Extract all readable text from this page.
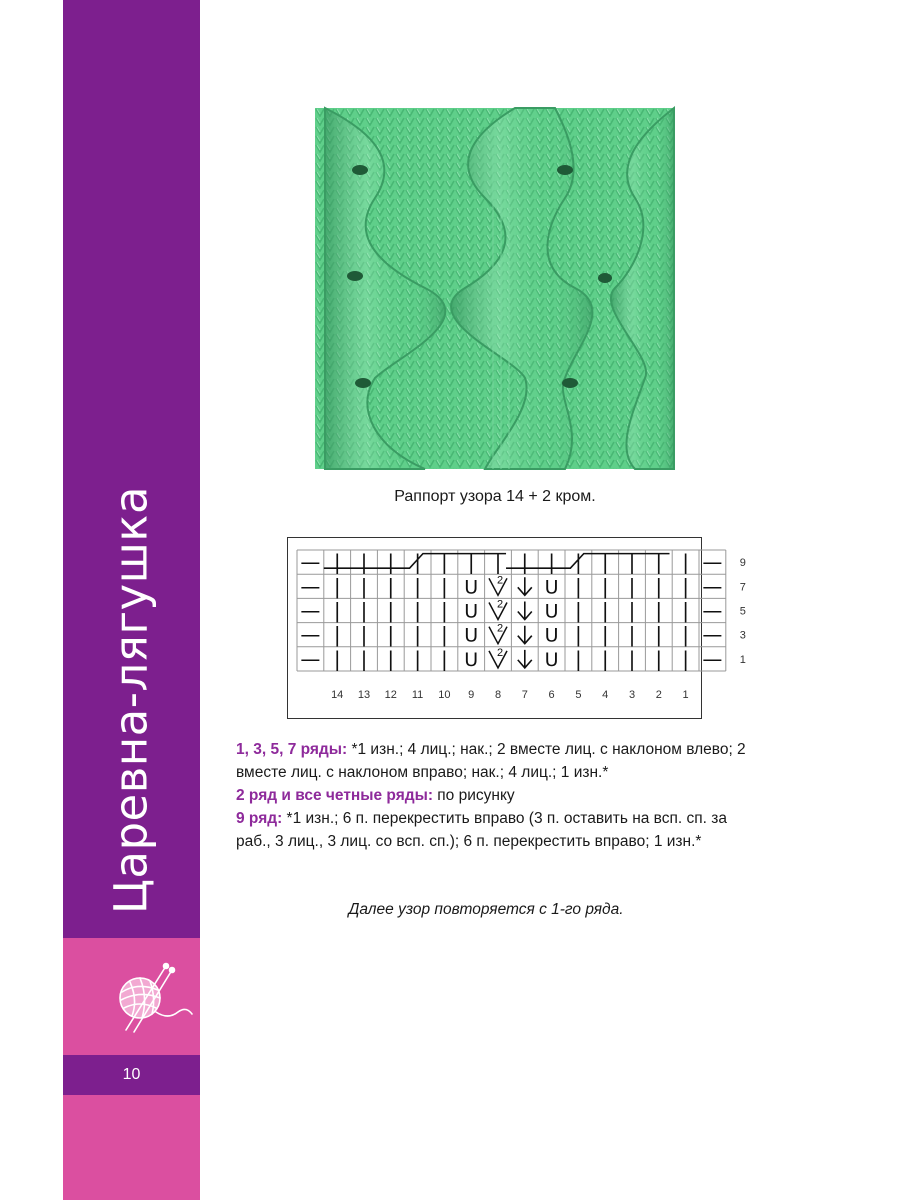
Царевна-лягушка
10
Раппорт узора 14 + 2 кром.
— | | | | | | | | | | | | | | —
— | | | | | U 2 U | | | | | —
— | | | | | U 2 U | | | | | —
— | | | | | U 2 U | | | | | —
— | | | | | U 2 U | | | | | —
9
7
5
3
1
14 13 12 11 10 9 8 7 6 5 4 3 2 1

1, 3, 5, 7 ряды: *1 изн.; 4 лиц.; нак.; 2 вместе лиц. с наклоном влево; 2 вместе лиц. с наклоном вправо; нак.; 4 лиц.; 1 изн.*

2 ряд и все четные ряды: по рисунку

9 ряд: *1 изн.; 6 п. перекрестить вправо (3 п. оставить на всп. сп. за раб., 3 лиц., 3 лиц. со всп. сп.); 6 п. перекрестить вправо; 1 изн.*

Далее узор повторяется с 1-го ряда.
